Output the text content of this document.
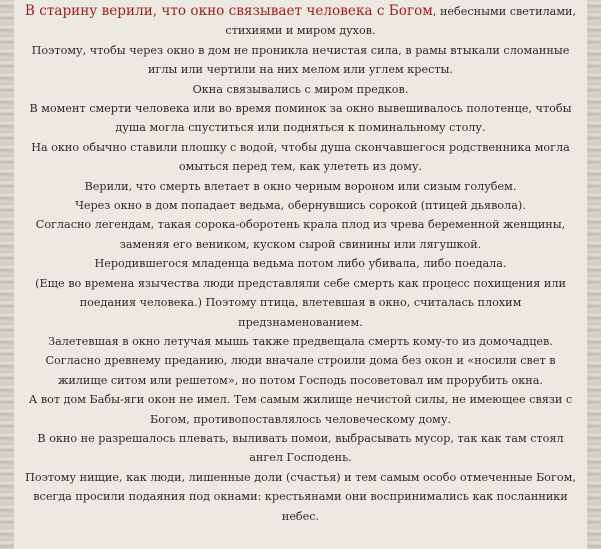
В старину верили, что окно связывает человека с Богом, небесными светилами, стихиями и миром духов.

Поэтому, чтобы через окно в дом не проникла нечистая сила, в рамы втыкали сломанные иглы или чертили на них мелом или углем кресты.

Окна связывались с миром предков.

В момент смерти человека или во время поминок за окно вывешивалось полотенце, чтобы душа могла спуститься или подняться к поминальному столу.

На окно обычно ставили плошку с водой, чтобы душа скончавшегося родственника могла омыться перед тем, как улететь из дому.

Верили, что смерть влетает в окно черным вороном или сизым голубем.

Через окно в дом попадает ведьма, обернувшись сорокой (птицей дьявола).

Согласно легендам, такая сорока-оборотень крала плод из чрева беременной женщины, заменяя его веником, куском сырой свинины или лягушкой.

Неродившегося младенца ведьма потом либо убивала, либо поедала.

(Еще во времена язычества люди представляли себе смерть как процесс похищения или поедания человека.) Поэтому птица, влетевшая в окно, считалась плохим предзнаменованием.

Залетевшая в окно летучая мышь также предвещала смерть кому-то из домочадцев.

Согласно древнему преданию, люди вначале строили дома без окон и «носили свет в жилище ситом или решетом», но потом Господь посоветовал им прорубить окна.

А вот дом Бабы-яги окон не имел. Тем самым жилище нечистой силы, не имеющее связи с Богом, противопоставлялось человеческому дому.

В окно не разрешалось плевать, выливать помои, выбрасывать мусор, так как там стоял ангел Господень.

Поэтому нищие, как люди, лишенные доли (счастья) и тем самым особо отмеченные Богом, всегда просили подаяния под окнами: крестьянами они воспринимались как посланники небес.
